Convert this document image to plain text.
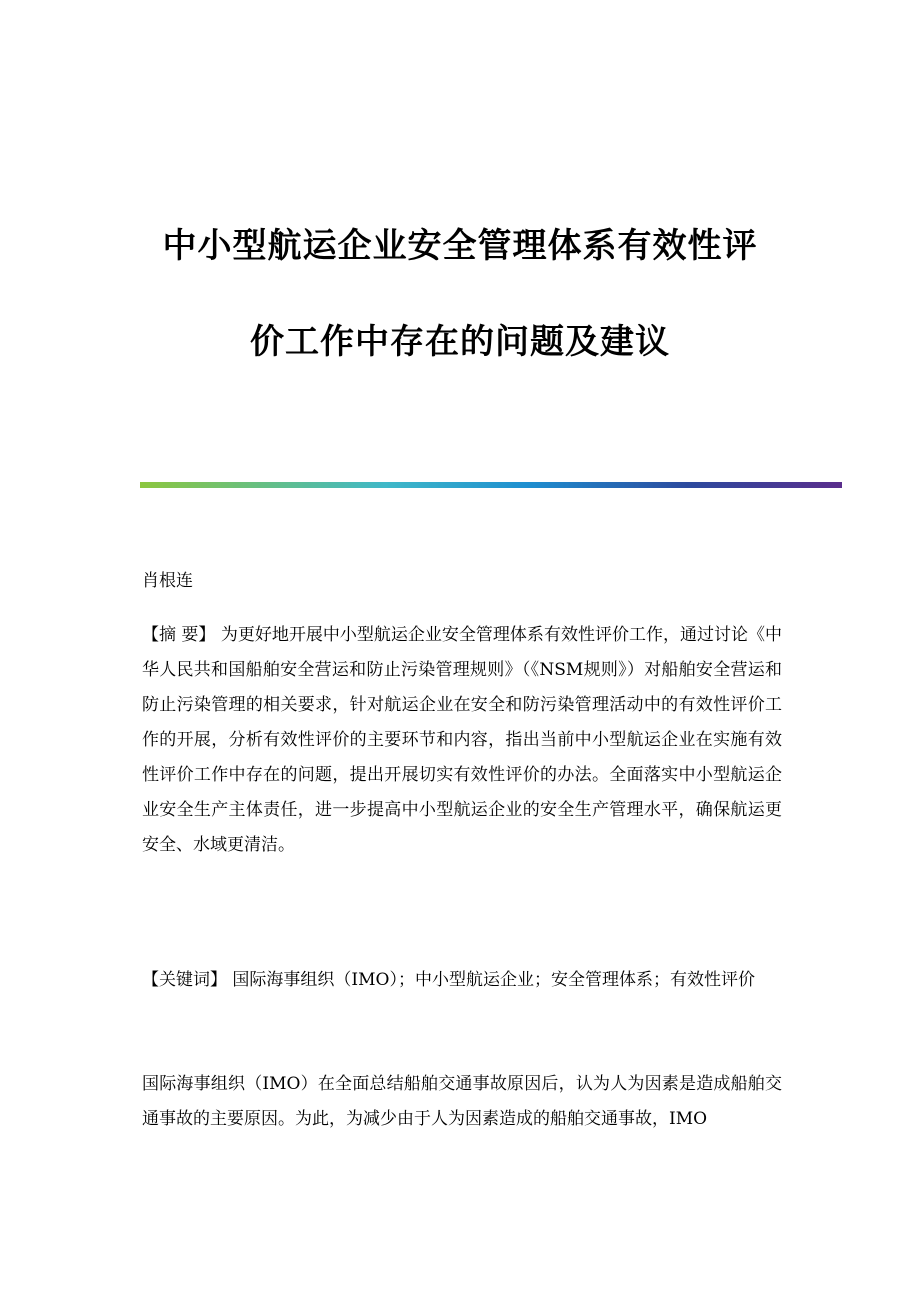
中小型航运企业安全管理体系有效性评
价工作中存在的问题及建议
肖根连

【摘 要】 为更好地开展中小型航运企业安全管理体系有效性评价工作，通过讨论《中华人民共和国船舶安全营运和防止污染管理规则》（《NSM规则》）对船舶安全营运和防止污染管理的相关要求，针对航运企业在安全和防污染管理活动中的有效性评价工作的开展，分析有效性评价的主要环节和内容，指出当前中小型航运企业在实施有效性评价工作中存在的问题，提出开展切实有效性评价的办法。全面落实中小型航运企业安全生产主体责任，进一步提高中小型航运企业的安全生产管理水平，确保航运更安全、水域更清洁。

【关键词】 国际海事组织（IMO）；中小型航运企业；安全管理体系；有效性评价

国际海事组织（IMO）在全面总结船舶交通事故原因后，认为人为因素是造成船舶交通事故的主要原因。为此，为减少由于人为因素造成的船舶交通事故，IMO
